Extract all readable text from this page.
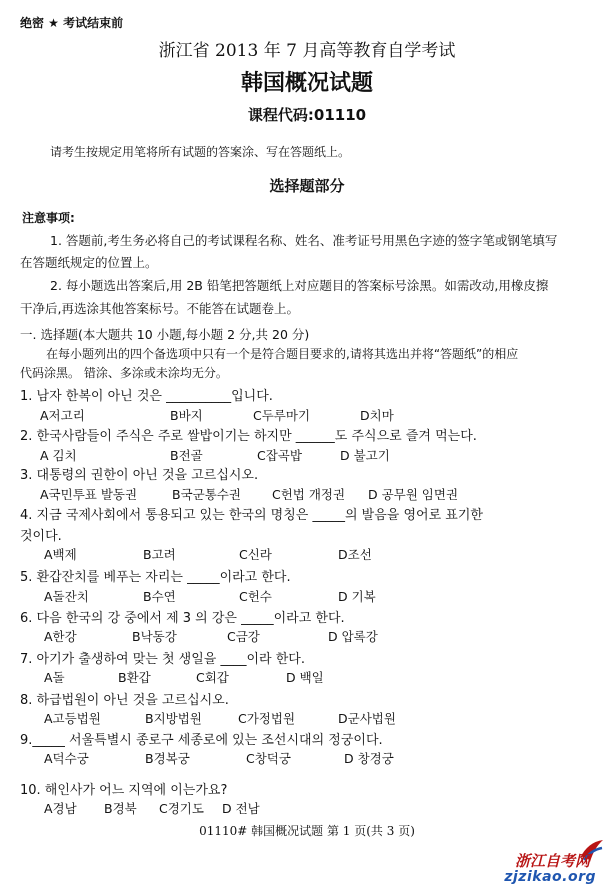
绝密 ★ 考试结束前
浙江省 2013 年 7 月高等教育自学考试
韩国概况试题
课程代码:01110
请考生按规定用笔将所有试题的答案涂、写在答题纸上。
选择题部分
注意事项:
1. 答题前,考生务必将自己的考试课程名称、姓名、准考证号用黑色字迹的签字笔或钢笔填写
在答题纸规定的位置上。
2. 每小题选出答案后,用 2B 铅笔把答题纸上对应题目的答案标号涂黑。如需改动,用橡皮擦
干净后,再选涂其他答案标号。不能答在试题卷上。
一. 选择题(本大题共 10 小题,每小题 2 分,共 20 分)
在每小题列出的四个备选项中只有一个是符合题目要求的,请将其选出并将“答题纸”的相应
代码涂黑。 错涂、多涂或未涂均无分。
1. 남자 한복이 아닌 것은 __________입니다.
A저고리	B바지	C두루마기	D치마
2. 한국사람들이 주식은 주로 쌀밥이기는 하지만 ______도 주식으로 즐겨 먹는다.
A 김치	B전골	C잡곡밥	D 불고기
3. 대통령의 권한이 아닌 것을 고르십시오.
A국민투표 발동권	B국군통수권 C헌법 개정권 D 공무원 임면권
4. 지금 국제사회에서 통용되고 있는 한국의 명칭은 _____의 발음을 영어로 표기한
것이다.
A백제	B고려	C신라	D조선
5. 환갑잔치를 베푸는 자리는 _____이라고 한다.
A돌잔치	B수연	C헌수	D 기복
6. 다음 한국의 강 중에서 제 3 의 강은 _____이라고 한다.
A한강	B낙동강	C금강	D 압록강
7. 아기가 출생하여 맞는 첫 생일을 ____이라 한다.
A돌	B환갑	C회갑	D 백일
8. 하급법원이 아닌 것을 고르십시오.
A고등법원	B지방법원	C가정법원	D군사법원
9._____ 서울특별시 종로구 세종로에 있는 조선시대의 정궁이다.
A덕수궁	B경복궁	C창덕궁	D 창경궁
10. 해인사가 어느 지역에 이는가요?
A경남 B경북 C경기도 D 전남
01110# 韩国概况试题 第 1 页(共 3 页)
浙江自考网
zjzikao.org
